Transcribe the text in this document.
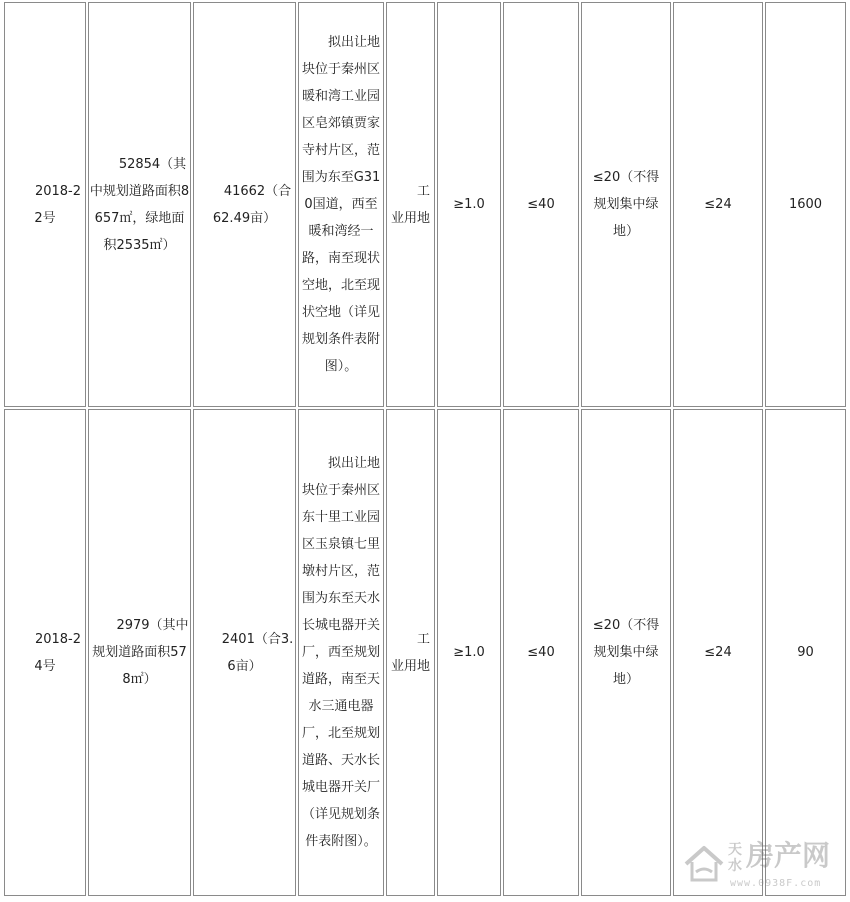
2018-22号	52854（其中规划道路面积8657㎡，绿地面积2535㎡）	41662（合62.49亩）	拟出让地块位于秦州区暖和湾工业园区皂郊镇贾家寺村片区，范围为东至G310国道，西至暖和湾经一路，南至现状空地，北至现状空地（详见规划条件表附图）。	工业用地	≥1.0	≤40	≤20（不得规划集中绿地）	≤24	1600

2018-24号	2979（其中规划道路面积578㎡）	2401（合3.6亩）	拟出让地块位于秦州区东十里工业园区玉泉镇七里墩村片区，范围为东至天水长城电器开关厂，西至规划道路，南至天水三通电器厂，北至规划道路、天水长城电器开关厂（详见规划条件表附图）。	工业用地	≥1.0	≤40	≤20（不得规划集中绿地）	≤24	90
天水 房产网
www.0938F.com
